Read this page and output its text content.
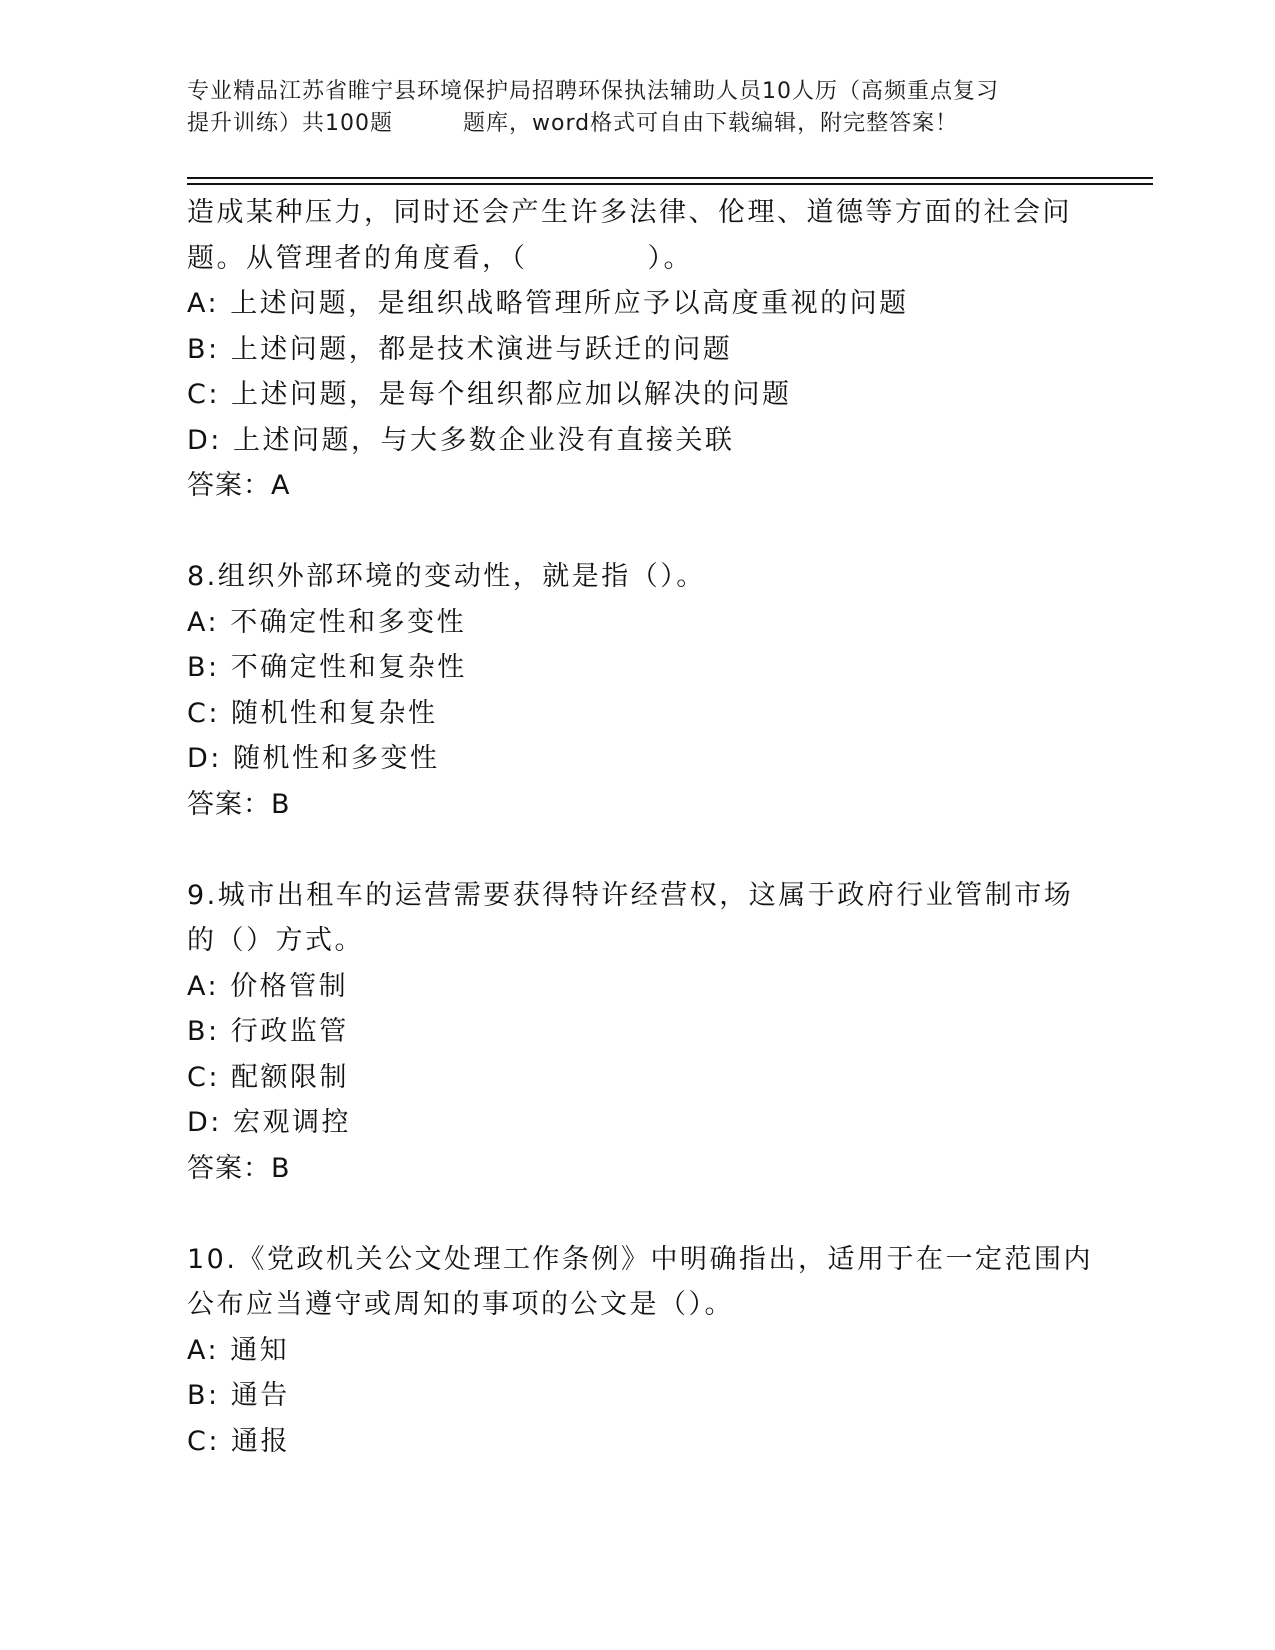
专业精品江苏省睢宁县环境保护局招聘环保执法辅助人员10人历（高频重点复习
提升训练）共100题	题库，word格式可自由下载编辑，附完整答案！
造成某种压力，同时还会产生许多法律、伦理、道德等方面的社会问
题。从管理者的角度看，（	）。
A: 上述问题，是组织战略管理所应予以高度重视的问题
B: 上述问题，都是技术演进与跃迁的问题
C: 上述问题，是每个组织都应加以解决的问题
D: 上述问题，与大多数企业没有直接关联
答案：A
8.组织外部环境的变动性，就是指（）。
A: 不确定性和多变性
B: 不确定性和复杂性
C: 随机性和复杂性
D: 随机性和多变性
答案：B
9.城市出租车的运营需要获得特许经营权，这属于政府行业管制市场
的（）方式。
A: 价格管制
B: 行政监管
C: 配额限制
D: 宏观调控
答案：B
10.《党政机关公文处理工作条例》中明确指出，适用于在一定范围内
公布应当遵守或周知的事项的公文是（）。
A: 通知
B: 通告
C: 通报
